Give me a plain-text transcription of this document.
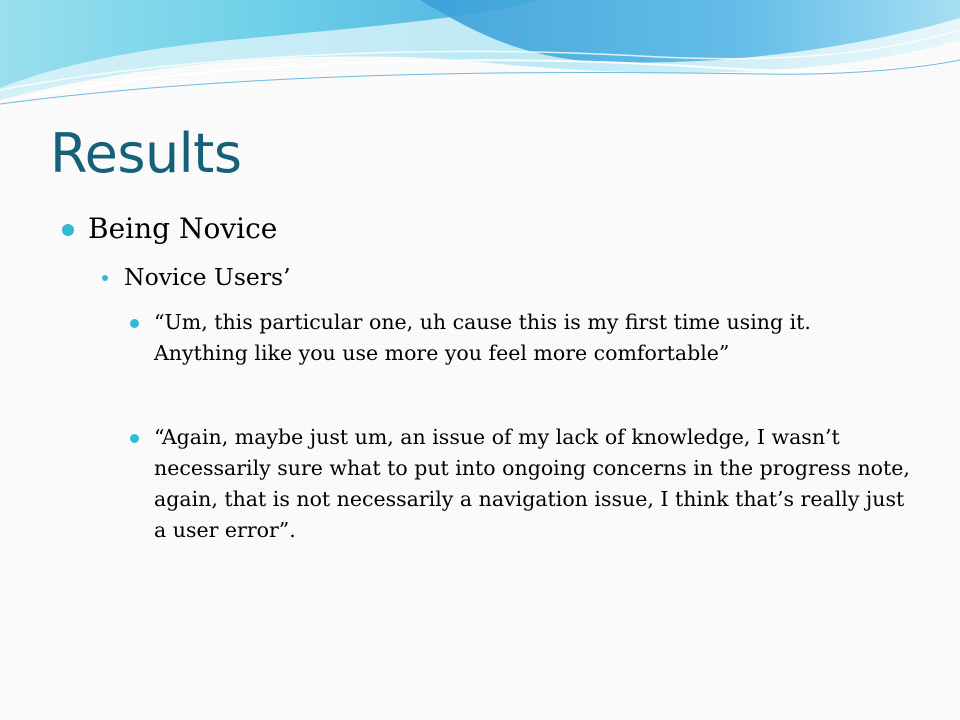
Results
Being Novice
Novice Users’
“Um, this particular one, uh cause this is my first time using it. Anything like you use more you feel more comfortable”
“Again, maybe just um, an issue of my lack of knowledge, I wasn’t necessarily sure what to put into ongoing concerns in the progress note, again, that is not necessarily a navigation issue, I think that’s really just a user error”.
